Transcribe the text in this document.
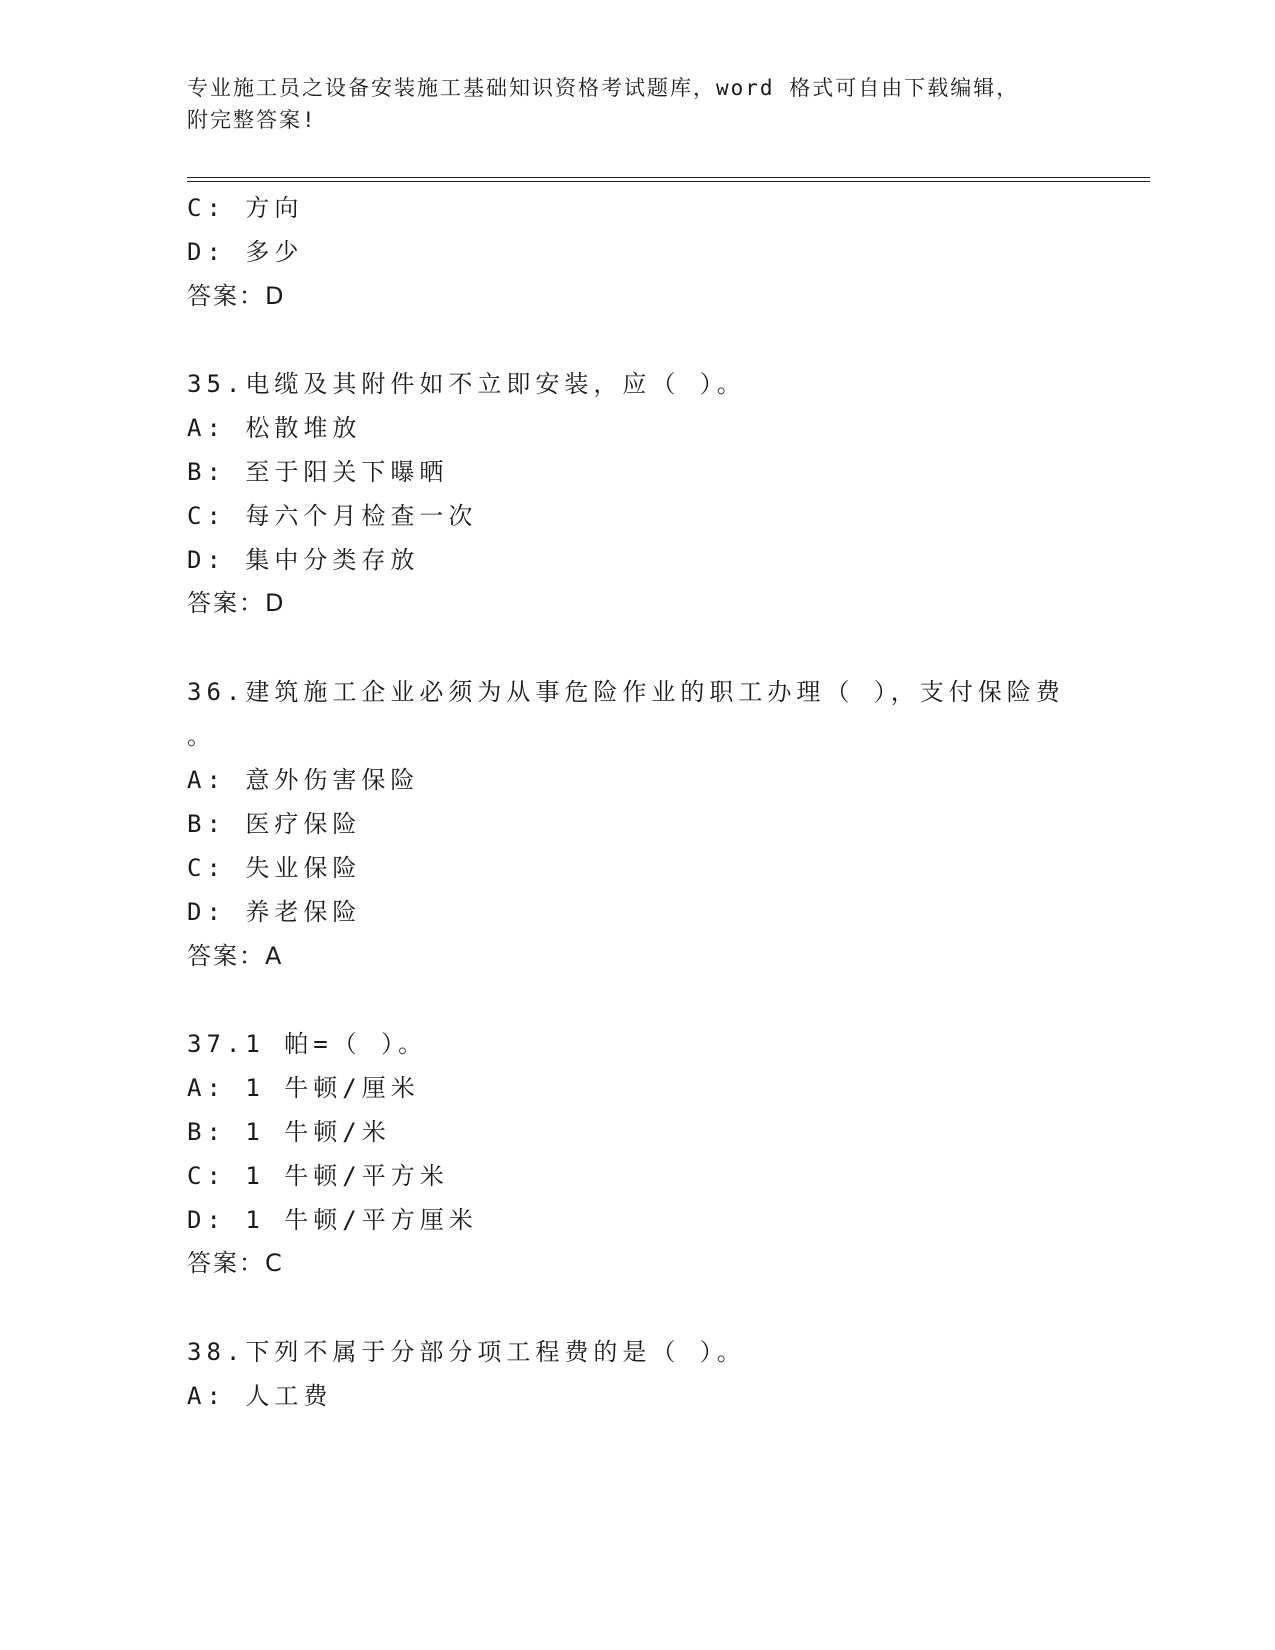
专业施工员之设备安装施工基础知识资格考试题库，word 格式可自由下载编辑，
附完整答案!
C: 方向
D: 多少
答案：D
35.电缆及其附件如不立即安装，应（ ）。
A: 松散堆放
B: 至于阳关下曝晒
C: 每六个月检查一次
D: 集中分类存放
答案：D
36.建筑施工企业必须为从事危险作业的职工办理（ ），支付保险费
。
A: 意外伤害保险
B: 医疗保险
C: 失业保险
D: 养老保险
答案：A
37.1 帕=（ ）。
A: 1 牛顿/厘米
B: 1 牛顿/米
C: 1 牛顿/平方米
D: 1 牛顿/平方厘米
答案：C
38.下列不属于分部分项工程费的是（ ）。
A: 人工费
